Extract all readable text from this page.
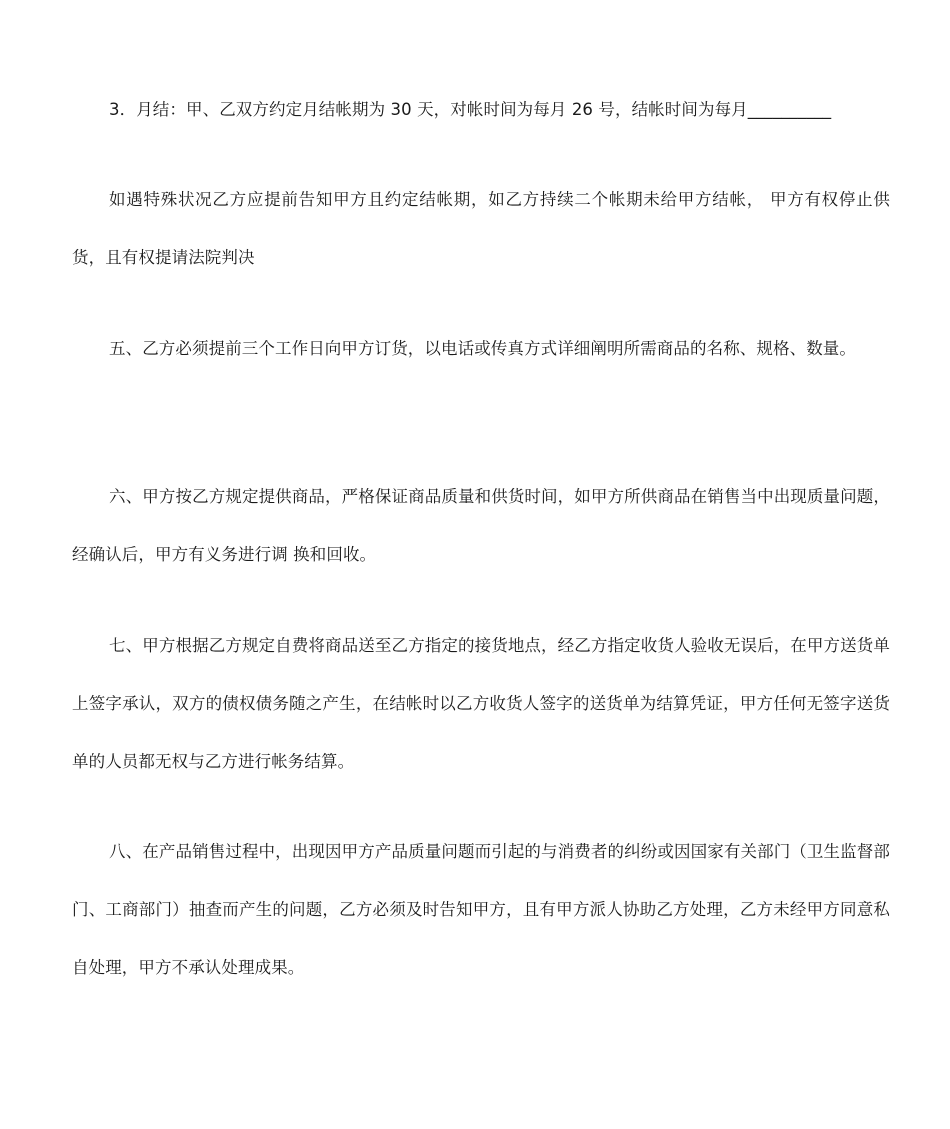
3．月结：甲、乙双方约定月结帐期为 30 天，对帐时间为每月 26 号，结帐时间为每月__________

如遇特殊状况乙方应提前告知甲方且约定结帐期，如乙方持续二个帐期未给甲方结帐， 甲方有权停止供货，且有权提请法院判决

五、乙方必须提前三个工作日向甲方订货，以电话或传真方式详细阐明所需商品的名称、规格、数量。

六、甲方按乙方规定提供商品，严格保证商品质量和供货时间，如甲方所供商品在销售当中出现质量问题，经确认后，甲方有义务进行调 换和回收。

七、甲方根据乙方规定自费将商品送至乙方指定的接货地点，经乙方指定收货人验收无误后，在甲方送货单上签字承认，双方的债权债务随之产生，在结帐时以乙方收货人签字的送货单为结算凭证，甲方任何无签字送货单的人员都无权与乙方进行帐务结算。

八、在产品销售过程中，出现因甲方产品质量问题而引起的与消费者的纠纷或因国家有关部门（卫生监督部门、工商部门）抽查而产生的问题，乙方必须及时告知甲方，且有甲方派人协助乙方处理，乙方未经甲方同意私自处理，甲方不承认处理成果。
